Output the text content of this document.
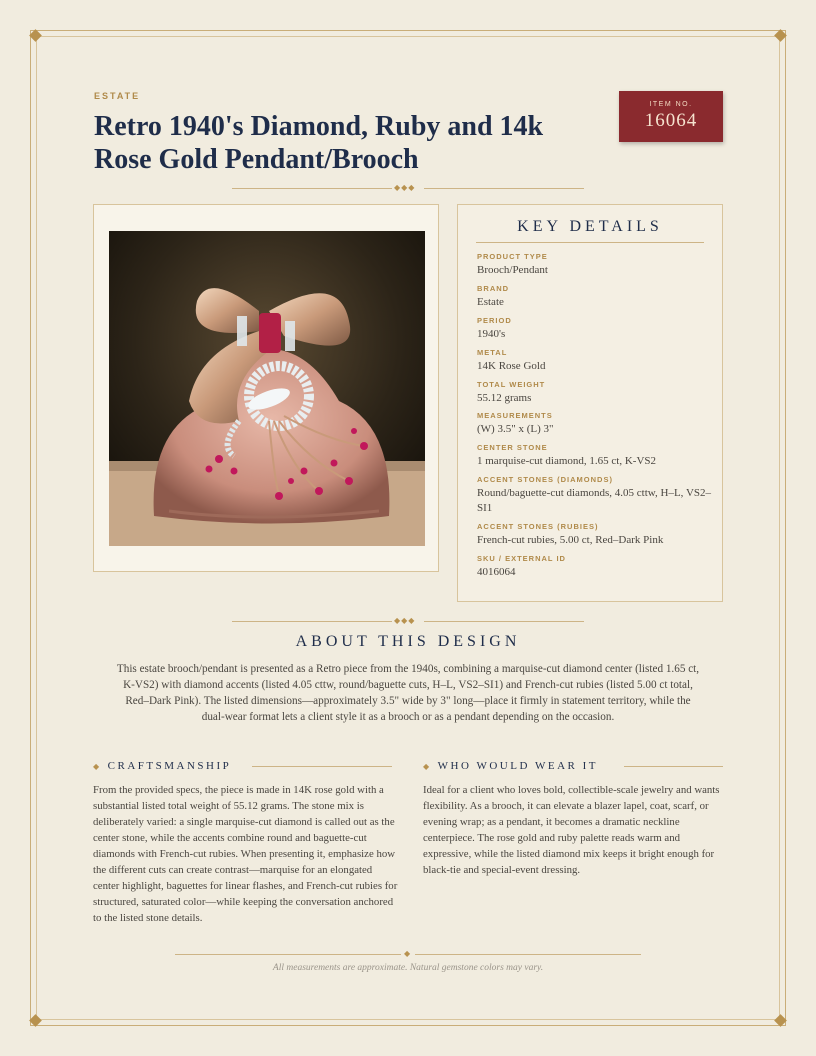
ESTATE
Retro 1940's Diamond, Ruby and 14k Rose Gold Pendant/Brooch
ITEM NO.
16064
◆◆◆
KEY DETAILS
PRODUCT TYPE
Brooch/Pendant
BRAND
Estate
PERIOD
1940's
METAL
14K Rose Gold
TOTAL WEIGHT
55.12 grams
MEASUREMENTS
(W) 3.5" x (L) 3"
CENTER STONE
1 marquise-cut diamond, 1.65 ct, K-VS2
ACCENT STONES (DIAMONDS)
Round/baguette-cut diamonds, 4.05 cttw, H–L, VS2–SI1
ACCENT STONES (RUBIES)
French-cut rubies, 5.00 ct, Red–Dark Pink
SKU / EXTERNAL ID
4016064
◆◆◆
ABOUT THIS DESIGN
This estate brooch/pendant is presented as a Retro piece from the 1940s, combining a marquise-cut diamond center (listed 1.65 ct, K-VS2) with diamond accents (listed 4.05 cttw, round/baguette cuts, H–L, VS2–SI1) and French-cut rubies (listed 5.00 ct total, Red–Dark Pink). The listed dimensions—approximately 3.5" wide by 3" long—place it firmly in statement territory, while the dual-wear format lets a client style it as a brooch or as a pendant depending on the occasion.
◆ CRAFTSMANSHIP
From the provided specs, the piece is made in 14K rose gold with a substantial listed total weight of 55.12 grams. The stone mix is deliberately varied: a single marquise-cut diamond is called out as the center stone, while the accents combine round and baguette-cut diamonds with French-cut rubies. When presenting it, emphasize how the different cuts can create contrast—marquise for an elongated center highlight, baguettes for linear flashes, and French-cut rubies for structured, saturated color—while keeping the conversation anchored to the listed stone details.
◆ WHO WOULD WEAR IT
Ideal for a client who loves bold, collectible-scale jewelry and wants flexibility. As a brooch, it can elevate a blazer lapel, coat, scarf, or evening wrap; as a pendant, it becomes a dramatic neckline centerpiece. The rose gold and ruby palette reads warm and expressive, while the listed diamond mix keeps it bright enough for black-tie and special-event dressing.
◆
All measurements are approximate. Natural gemstone colors may vary.
